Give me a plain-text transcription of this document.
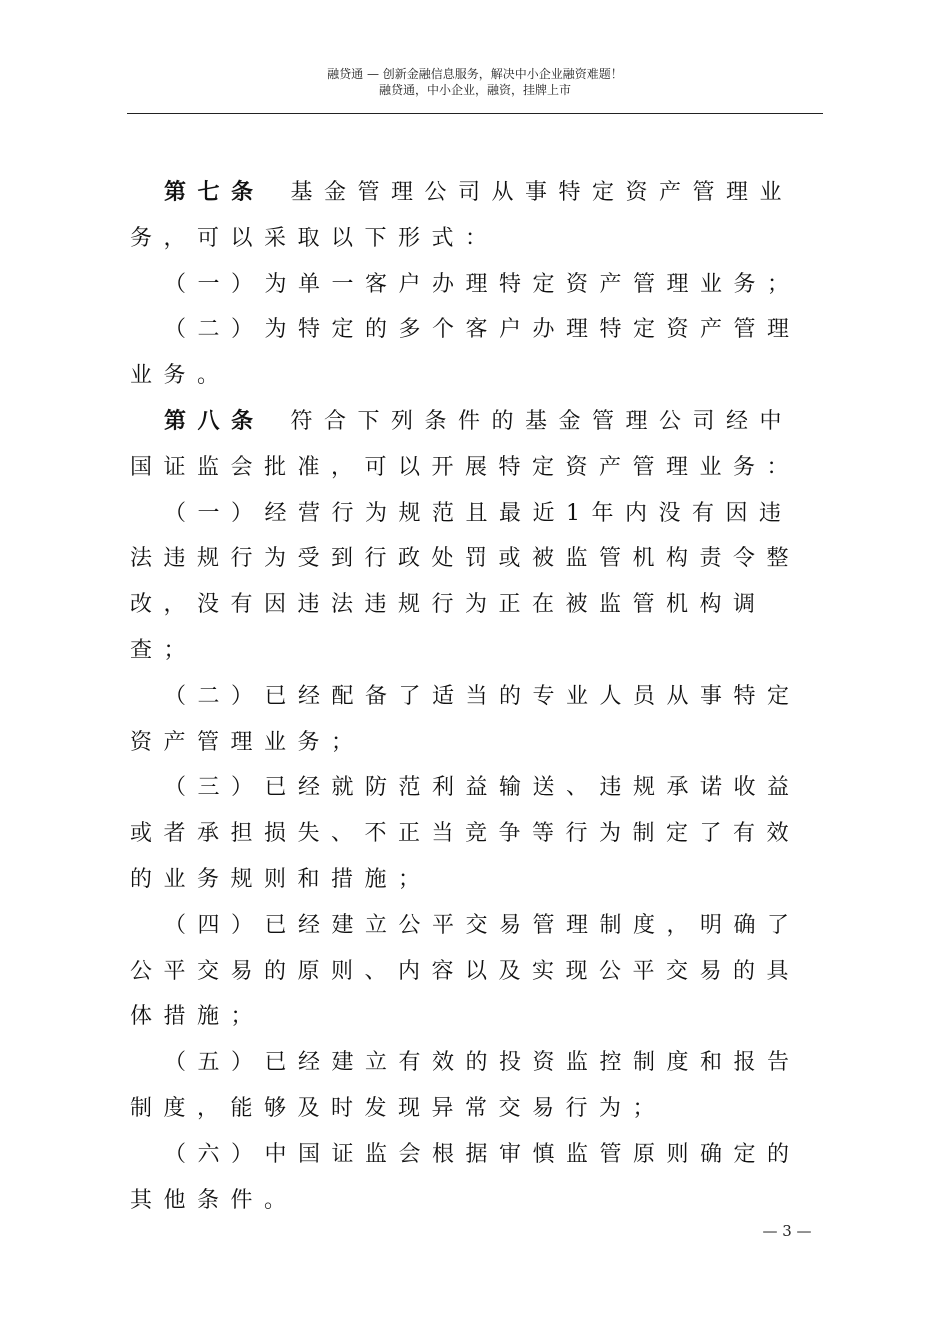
融贷通 — 创新金融信息服务，解决中小企业融资难题！
融贷通，中小企业，融资，挂牌上市

第七条 基金管理公司从事特定资产管理业

务，可以采取以下形式：

（一）为单一客户办理特定资产管理业务；

（二）为特定的多个客户办理特定资产管理

业务。

第八条 符合下列条件的基金管理公司经中

国证监会批准，可以开展特定资产管理业务：

（一）经营行为规范且最近1年内没有因违

法违规行为受到行政处罚或被监管机构责令整

改，没有因违法违规行为正在被监管机构调查；

（二）已经配备了适当的专业人员从事特定

资产管理业务；

（三）已经就防范利益输送、违规承诺收益

或者承担损失、不正当竞争等行为制定了有效

的业务规则和措施；

（四）已经建立公平交易管理制度，明确了

公平交易的原则、内容以及实现公平交易的具

体措施；

（五）已经建立有效的投资监控制度和报告

制度，能够及时发现异常交易行为；

（六）中国证监会根据审慎监管原则确定的

其他条件。

— 3 —
